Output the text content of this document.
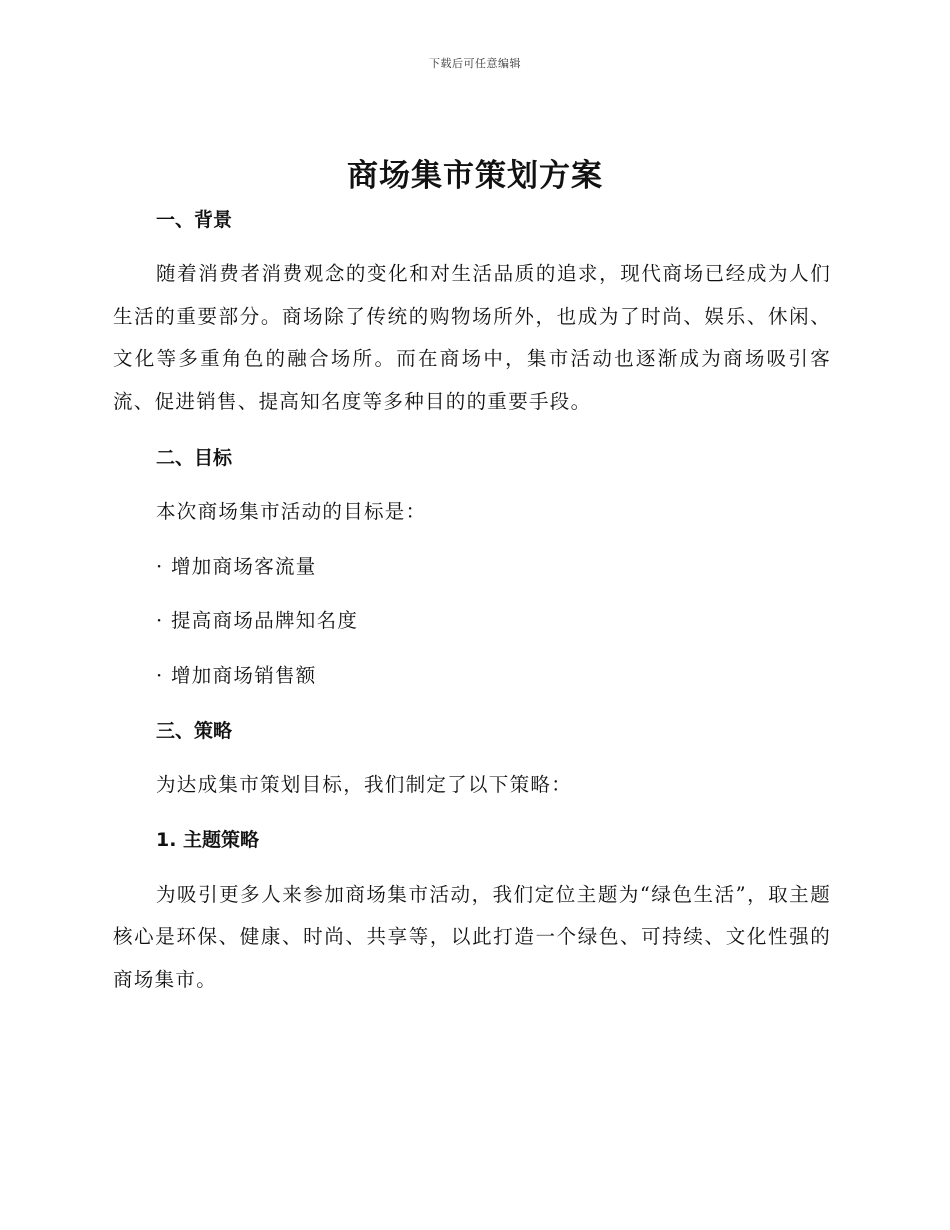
下载后可任意编辑
商场集市策划方案
一、背景
随着消费者消费观念的变化和对生活品质的追求，现代商场已经成为人们生活的重要部分。商场除了传统的购物场所外，也成为了时尚、娱乐、休闲、文化等多重角色的融合场所。而在商场中，集市活动也逐渐成为商场吸引客流、促进销售、提高知名度等多种目的的重要手段。
二、目标
本次商场集市活动的目标是：
· 增加商场客流量
· 提高商场品牌知名度
· 增加商场销售额
三、策略
为达成集市策划目标，我们制定了以下策略：
1. 主题策略
为吸引更多人来参加商场集市活动，我们定位主题为“绿色生活”，取主题核心是环保、健康、时尚、共享等，以此打造一个绿色、可持续、文化性强的商场集市。
